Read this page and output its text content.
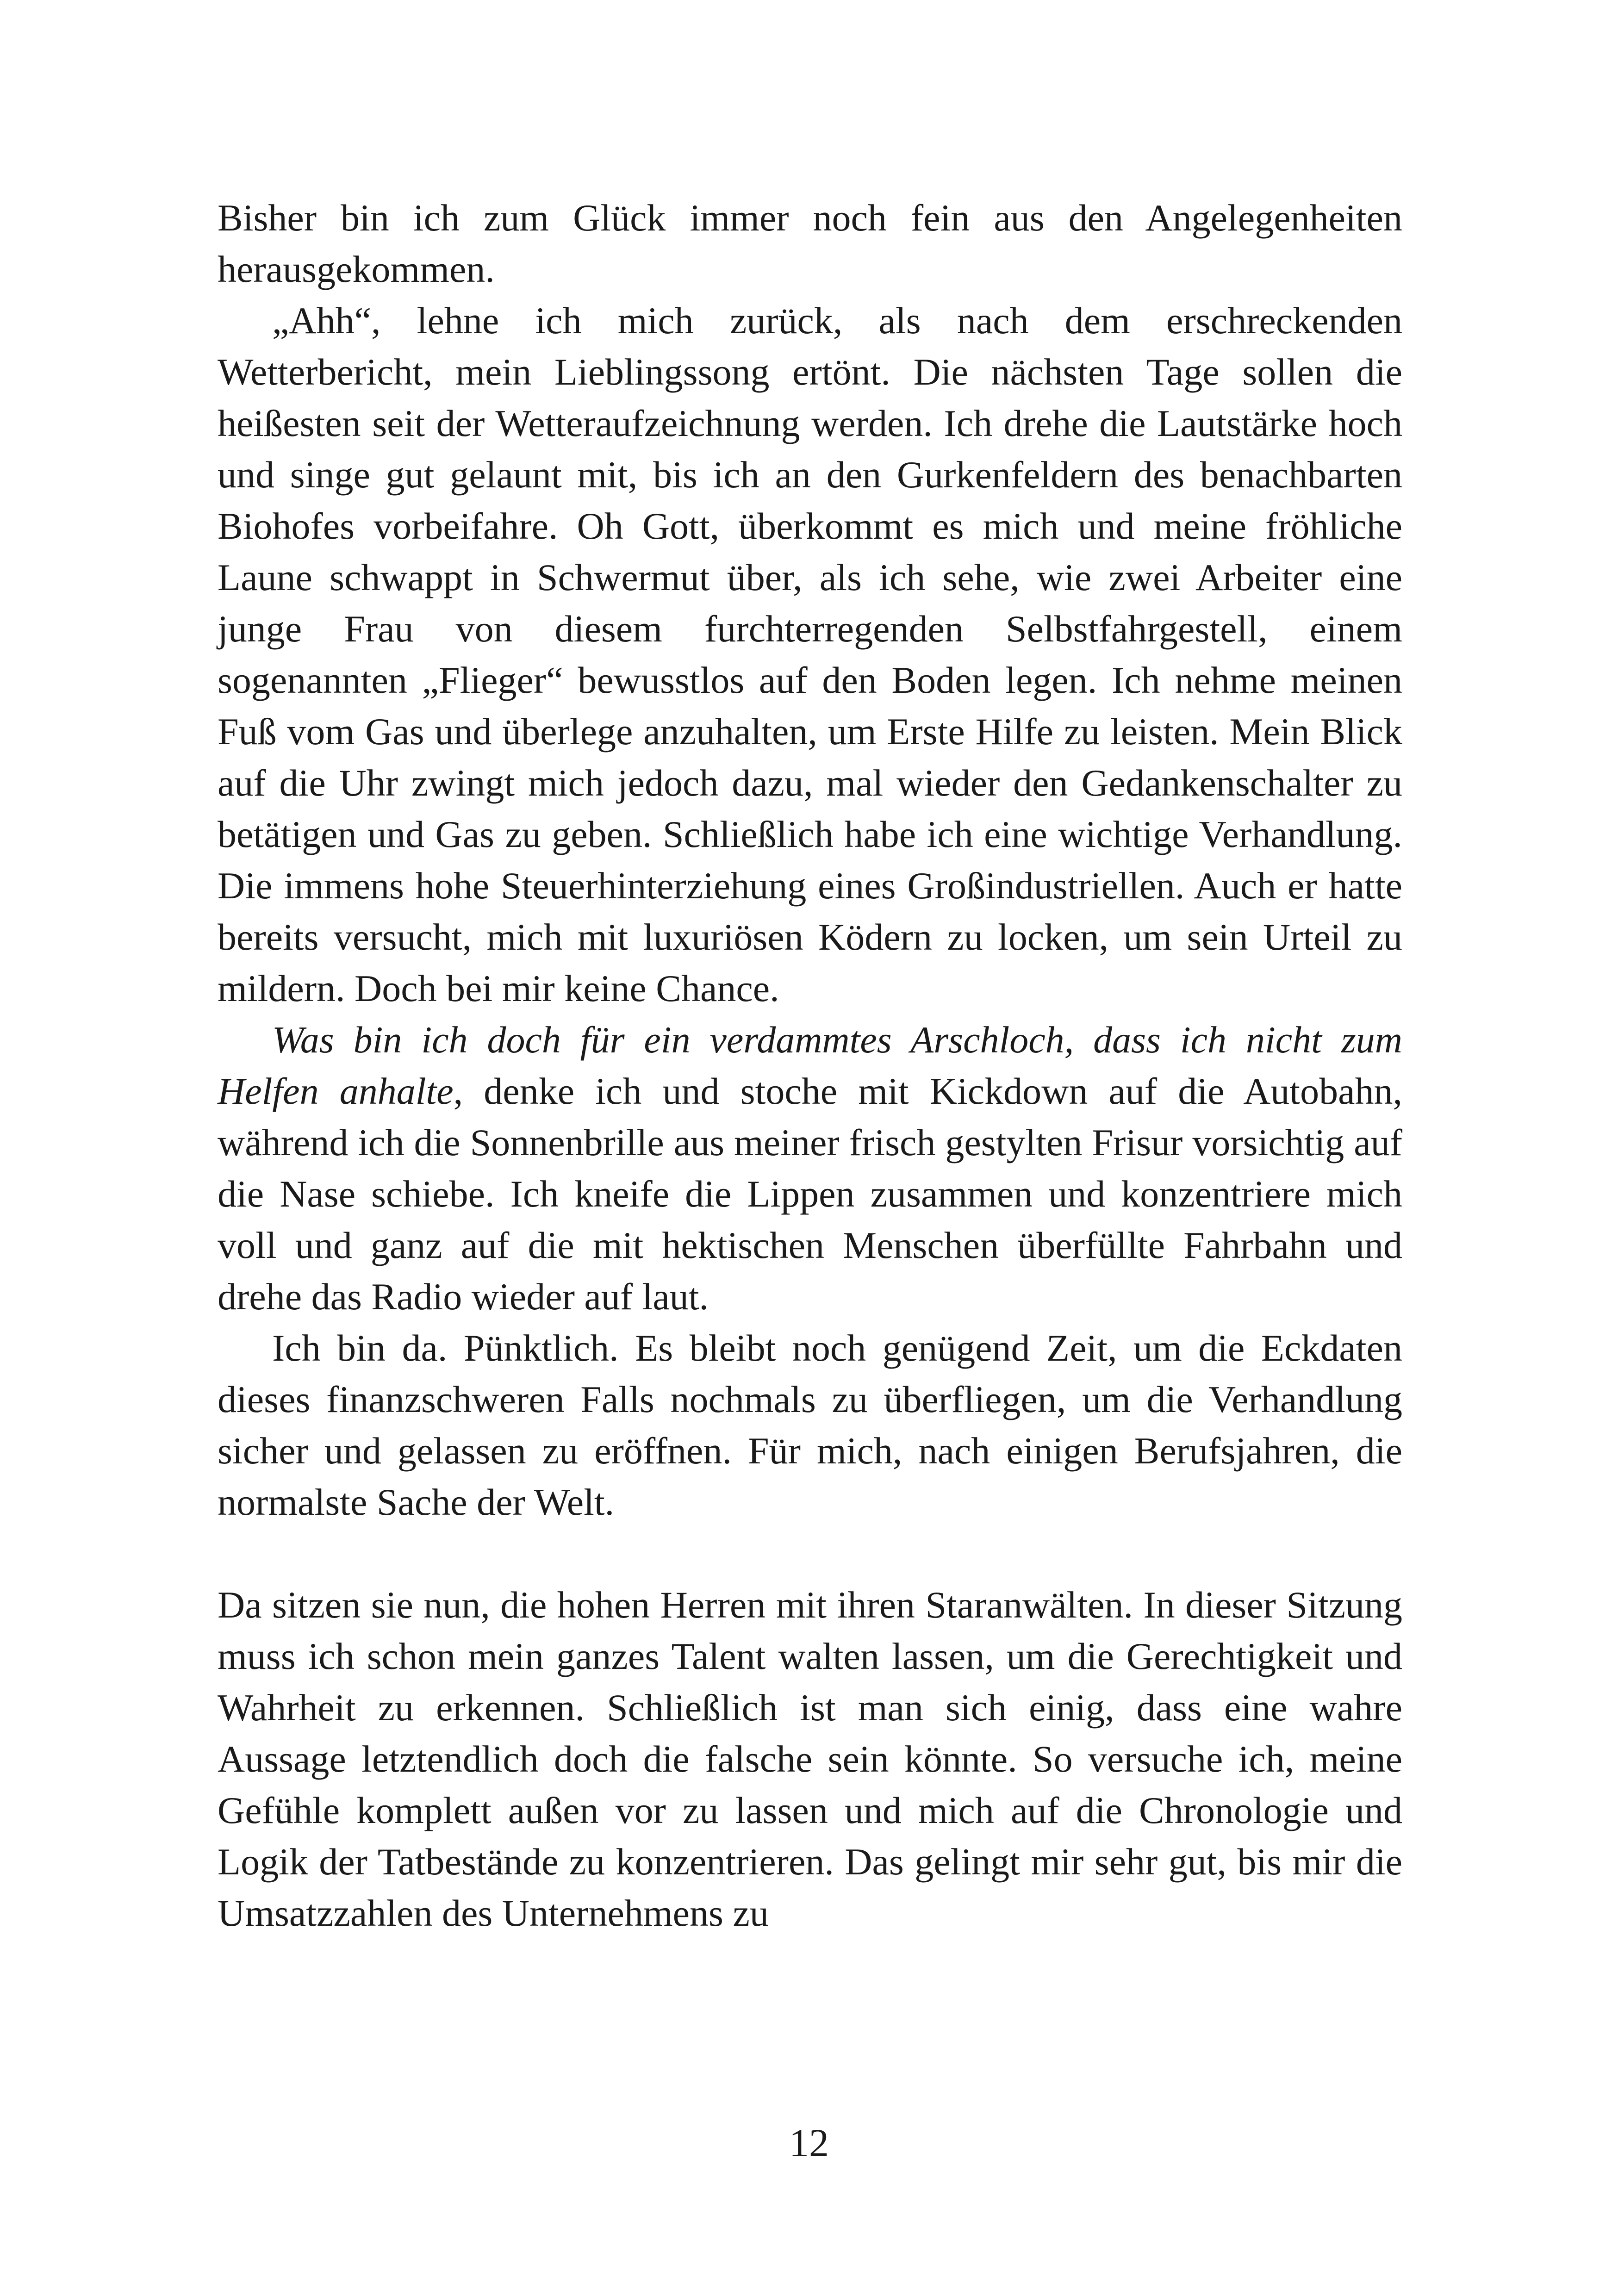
Bisher bin ich zum Glück immer noch fein aus den Angelegenheiten herausgekommen.

„Ahh“, lehne ich mich zurück, als nach dem erschreckenden Wetterbericht, mein Lieblingssong ertönt. Die nächsten Tage sollen die heißesten seit der Wetteraufzeichnung werden. Ich drehe die Lautstärke hoch und singe gut gelaunt mit, bis ich an den Gurkenfeldern des benachbarten Biohofes vorbeifahre. Oh Gott, überkommt es mich und meine fröhliche Laune schwappt in Schwermut über, als ich sehe, wie zwei Arbeiter eine junge Frau von diesem furchterregenden Selbstfahrgestell, einem sogenannten „Flieger“ bewusstlos auf den Boden legen. Ich nehme meinen Fuß vom Gas und überlege anzuhalten, um Erste Hilfe zu leisten. Mein Blick auf die Uhr zwingt mich jedoch dazu, mal wieder den Gedankenschalter zu betätigen und Gas zu geben. Schließlich habe ich eine wichtige Verhandlung. Die immens hohe Steuerhinterziehung eines Großindustriellen. Auch er hatte bereits versucht, mich mit luxuriösen Ködern zu locken, um sein Urteil zu mildern. Doch bei mir keine Chance.

Was bin ich doch für ein verdammtes Arschloch, dass ich nicht zum Helfen anhalte, denke ich und stoche mit Kickdown auf die Autobahn, während ich die Sonnenbrille aus meiner frisch gestylten Frisur vorsichtig auf die Nase schiebe. Ich kneife die Lippen zusammen und konzentriere mich voll und ganz auf die mit hektischen Menschen überfüllte Fahrbahn und drehe das Radio wieder auf laut.

Ich bin da. Pünktlich. Es bleibt noch genügend Zeit, um die Eckdaten dieses finanzschweren Falls nochmals zu überfliegen, um die Verhandlung sicher und gelassen zu eröffnen. Für mich, nach einigen Berufsjahren, die normalste Sache der Welt.

Da sitzen sie nun, die hohen Herren mit ihren Staranwälten. In dieser Sitzung muss ich schon mein ganzes Talent walten lassen, um die Gerechtigkeit und Wahrheit zu erkennen. Schließlich ist man sich einig, dass eine wahre Aussage letztendlich doch die falsche sein könnte. So versuche ich, meine Gefühle komplett außen vor zu lassen und mich auf die Chronologie und Logik der Tatbestände zu konzentrieren. Das gelingt mir sehr gut, bis mir die Umsatzzahlen des Unternehmens zu

12
